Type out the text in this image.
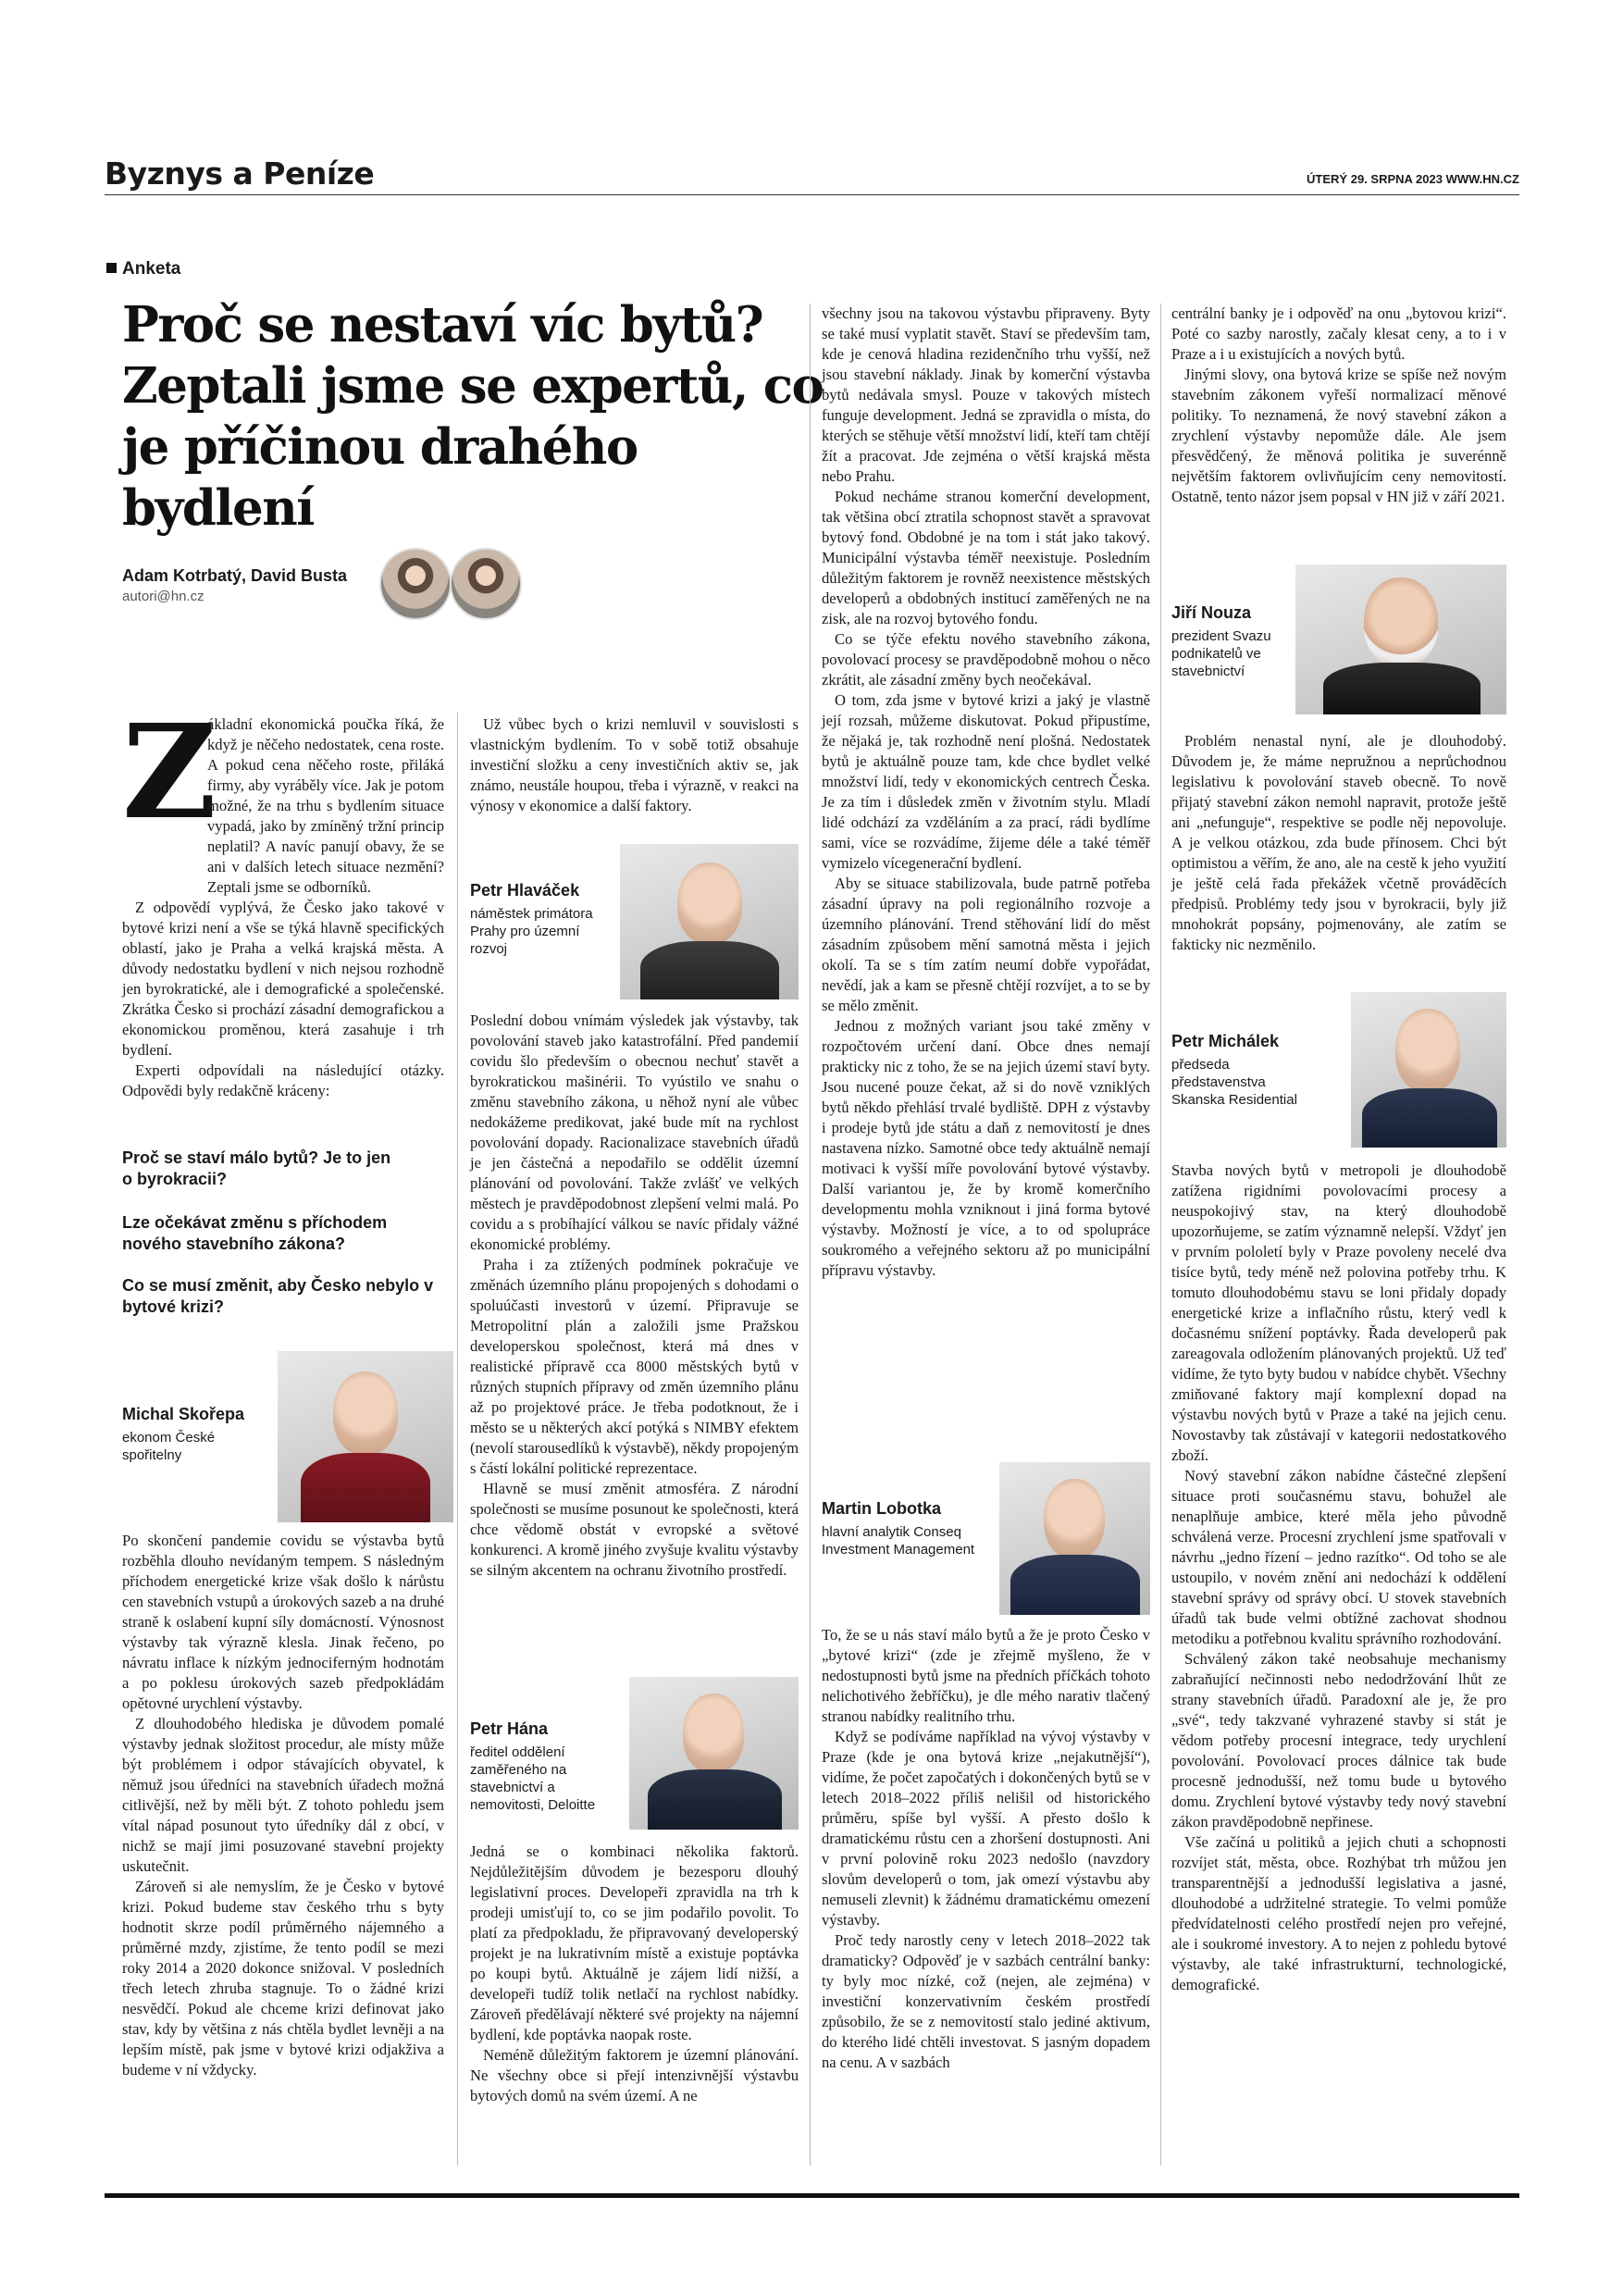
Byznys a Peníze	ÚTERÝ 29. SRPNA 2023 WWW.HN.CZ
Anketa
Proč se nestaví víc bytů? Zeptali jsme se expertů, co je příčinou drahého bydlení
Adam Kotrbatý, David Busta
autori@hn.cz
Z

ákladní ekonomická poučka říká, že když je něčeho nedostatek, cena roste. A pokud cena něčeho roste, přiláká firmy, aby vyráběly více. Jak je potom možné, že na trhu s bydlením situace vypadá, jako by zmíněný tržní princip neplatil? A navíc panují obavy, že se ani v dalších letech situace nezmění? Zeptali jsme se odborníků.

Z odpovědí vyplývá, že Česko jako takové v bytové krizi není a vše se týká hlavně specifických oblastí, jako je Praha a velká krajská města. A důvody nedostatku bydlení v nich nejsou rozhodně jen byrokratické, ale i demografické a společenské. Zkrátka Česko si prochází zásadní demografickou a ekonomickou proměnou, která zasahuje i trh bydlení.

Experti odpovídali na následující otázky. Odpovědi byly redakčně kráceny:

Proč se staví málo bytů? Je to jen o byrokracii?
Lze očekávat změnu s příchodem nového stavebního zákona?
Co se musí změnit, aby Česko nebylo v bytové krizi?
Michal Skořepa
ekonom České spořitelny

Po skončení pandemie covidu se výstavba bytů rozběhla dlouho nevídaným tempem. S následným příchodem energetické krize však došlo k nárůstu cen stavebních vstupů a úrokových sazeb a na druhé straně k oslabení kupní síly domácností. Výnosnost výstavby tak výrazně klesla. Jinak řečeno, po návratu inflace k nízkým jednociferným hodnotám a po poklesu úrokových sazeb předpokládám opětovné urychlení výstavby.

Z dlouhodobého hlediska je důvodem pomalé výstavby jednak složitost procedur, ale místy může být problémem i odpor stávajících obyvatel, k němuž jsou úředníci na stavebních úřadech možná citlivější, než by měli být. Z tohoto pohledu jsem vítal nápad posunout tyto úředníky dál z obcí, v nichž se mají jimi posuzované stavební projekty uskutečnit.

Zároveň si ale nemyslím, že je Česko v bytové krizi. Pokud budeme stav českého trhu s byty hodnotit skrze podíl průměrného nájemného a průměrné mzdy, zjistíme, že tento podíl se mezi roky 2014 a 2020 dokonce snižoval. V posledních třech letech zhruba stagnuje. To o žádné krizi nesvědčí. Pokud ale chceme krizi definovat jako stav, kdy by většina z nás chtěla bydlet levněji a na lepším místě, pak jsme v bytové krizi odjakživa a budeme v ní vždycky.

Už vůbec bych o krizi nemluvil v souvislosti s vlastnickým bydlením. To v sobě totiž obsahuje investiční složku a ceny investičních aktiv se, jak známo, neustále houpou, třeba i výrazně, v reakci na výnosy v ekonomice a další faktory.

Petr Hlaváček
náměstek primátora Prahy pro územní rozvoj

Poslední dobou vnímám výsledek jak výstavby, tak povolování staveb jako katastrofální. Před pandemií covidu šlo především o obecnou nechuť stavět a byrokratickou mašinérii. To vyústilo ve snahu o změnu stavebního zákona, u něhož nyní ale vůbec nedokážeme predikovat, jaké bude mít na rychlost povolování dopady. Racionalizace stavebních úřadů je jen částečná a nepodařilo se oddělit územní plánování od povolování. Takže zvlášť ve velkých městech je pravděpodobnost zlepšení velmi malá. Po covidu a s probíhající válkou se navíc přidaly vážné ekonomické problémy.

Praha i za ztížených podmínek pokračuje ve změnách územního plánu propojených s dohodami o spoluúčasti investorů v území. Připravuje se Metropolitní plán a založili jsme Pražskou developerskou společnost, která má dnes v realistické přípravě cca 8000 městských bytů v různých stupních přípravy od změn územního plánu až po projektové práce. Je třeba podotknout, že i město se u některých akcí potýká s NIMBY efektem (nevolí starousedlíků k výstavbě), někdy propojeným s částí lokální politické reprezentace.

Hlavně se musí změnit atmosféra. Z národní společnosti se musíme posunout ke společnosti, která chce vědomě obstát v evropské a světové konkurenci. A kromě jiného zvyšuje kvalitu výstavby se silným akcentem na ochranu životního prostředí.

Petr Hána
ředitel oddělení zaměřeného na stavebnictví a nemovitosti, Deloitte

Jedná se o kombinaci několika faktorů. Nejdůležitějším důvodem je bezesporu dlouhý legislativní proces. Developeři zpravidla na trh k prodeji umisťují to, co se jim podařilo povolit. To platí za předpokladu, že připravovaný developerský projekt je na lukrativním místě a existuje poptávka po koupi bytů. Aktuálně je zájem lidí nižší, a developeři tudíž tolik netlačí na rychlost nabídky. Zároveň předělávají některé své projekty na nájemní bydlení, kde poptávka naopak roste.

Neméně důležitým faktorem je územní plánování. Ne všechny obce si přejí intenzivnější výstavbu bytových domů na svém území. A ne

všechny jsou na takovou výstavbu připraveny. Byty se také musí vyplatit stavět. Staví se především tam, kde je cenová hladina rezidenčního trhu vyšší, než jsou stavební náklady. Jinak by komerční výstavba bytů nedávala smysl. Pouze v takových místech funguje development. Jedná se zpravidla o místa, do kterých se stěhuje větší množství lidí, kteří tam chtějí žít a pracovat. Jde zejména o větší krajská města nebo Prahu.

Pokud necháme stranou komerční development, tak většina obcí ztratila schopnost stavět a spravovat bytový fond. Obdobné je na tom i stát jako takový. Municipální výstavba téměř neexistuje. Posledním důležitým faktorem je rovněž neexistence městských developerů a obdobných institucí zaměřených ne na zisk, ale na rozvoj bytového fondu.

Co se týče efektu nového stavebního zákona, povolovací procesy se pravděpodobně mohou o něco zkrátit, ale zásadní změny bych neočekával.

O tom, zda jsme v bytové krizi a jaký je vlastně její rozsah, můžeme diskutovat. Pokud připustíme, že nějaká je, tak rozhodně není plošná. Nedostatek bytů je aktuálně pouze tam, kde chce bydlet velké množství lidí, tedy v ekonomických centrech Česka. Je za tím i důsledek změn v životním stylu. Mladí lidé odchází za vzděláním a za prací, rádi bydlíme sami, více se rozvádíme, žijeme déle a také téměř vymizelo vícegenerační bydlení.

Aby se situace stabilizovala, bude patrně potřeba zásadní úpravy na poli regionálního rozvoje a územního plánování. Trend stěhování lidí do měst zásadním způsobem mění samotná města i jejich okolí. Ta se s tím zatím neumí dobře vypořádat, nevědí, jak a kam se přesně chtějí rozvíjet, a to se by se mělo změnit.

Jednou z možných variant jsou také změny v rozpočtovém určení daní. Obce dnes nemají prakticky nic z toho, že se na jejich území staví byty. Jsou nucené pouze čekat, až si do nově vzniklých bytů někdo přehlásí trvalé bydliště. DPH z výstavby i prodeje bytů jde státu a daň z nemovitostí je dnes nastavena nízko. Samotné obce tedy aktuálně nemají motivaci k vyšší míře povolování bytové výstavby. Další variantou je, že by kromě komerčního developmentu mohla vzniknout i jiná forma bytové výstavby. Možností je více, a to od spolupráce soukromého a veřejného sektoru až po municipální přípravu výstavby.

Martin Lobotka
hlavní analytik Conseq Investment Management

To, že se u nás staví málo bytů a že je proto Česko v „bytové krizi“ (zde je zřejmě myšleno, že v nedostupnosti bytů jsme na předních příčkách tohoto nelichotivého žebříčku), je dle mého narativ tlačený stranou nabídky realitního trhu.

Když se podíváme například na vývoj výstavby v Praze (kde je ona bytová krize „nejakutnější“), vidíme, že počet započatých i dokončených bytů se v letech 2018–2022 příliš nelišil od historického průměru, spíše byl vyšší. A přesto došlo k dramatickému růstu cen a zhoršení dostupnosti. Ani v první polovině roku 2023 nedošlo (navzdory slovům developerů o tom, jak omezí výstavbu aby nemuseli zlevnit) k žádnému dramatickému omezení výstavby.

Proč tedy narostly ceny v letech 2018–2022 tak dramaticky? Odpověď je v sazbách centrální banky: ty byly moc nízké, což (nejen, ale zejména) v investiční konzervativním českém prostředí způsobilo, že se z nemovitostí stalo jediné aktivum, do kterého lidé chtěli investovat. S jasným dopadem na cenu. A v sazbách

centrální banky je i odpověď na onu „bytovou krizi“. Poté co sazby narostly, začaly klesat ceny, a to i v Praze a i u existujících a nových bytů.

Jinými slovy, ona bytová krize se spíše než novým stavebním zákonem vyřeší normalizací měnové politiky. To neznamená, že nový stavební zákon a zrychlení výstavby nepomůže dále. Ale jsem přesvědčený, že měnová politika je suverénně největším faktorem ovlivňujícím ceny nemovitostí. Ostatně, tento názor jsem popsal v HN již v září 2021.

Jiří Nouza
prezident Svazu podnikatelů ve stavebnictví

Problém nenastal nyní, ale je dlouhodobý. Důvodem je, že máme nepružnou a neprůchodnou legislativu k povolování staveb obecně. To nově přijatý stavební zákon nemohl napravit, protože ještě ani „nefunguje“, respektive se podle něj nepovoluje. A je velkou otázkou, zda bude přínosem. Chci být optimistou a věřím, že ano, ale na cestě k jeho využití je ještě celá řada překážek včetně prováděcích předpisů. Problémy tedy jsou v byrokracii, byly již mnohokrát popsány, pojmenovány, ale zatím se fakticky nic nezměnilo.

Petr Michálek
předseda představenstva Skanska Residential

Stavba nových bytů v metropoli je dlouhodobě zatížena rigidními povolovacími procesy a neuspokojivý stav, na který dlouhodobě upozorňujeme, se zatím významně nelepší. Vždyť jen v prvním pololetí byly v Praze povoleny necelé dva tisíce bytů, tedy méně než polovina potřeby trhu. K tomuto dlouhodobému stavu se loni přidaly dopady energetické krize a inflačního růstu, který vedl k dočasnému snížení poptávky. Řada developerů pak zareagovala odložením plánovaných projektů. Už teď vidíme, že tyto byty budou v nabídce chybět. Všechny zmiňované faktory mají komplexní dopad na výstavbu nových bytů v Praze a také na jejich cenu. Novostavby tak zůstávají v kategorii nedostatkového zboží.

Nový stavební zákon nabídne částečné zlepšení situace proti současnému stavu, bohužel ale nenaplňuje ambice, které měla jeho původně schválená verze. Procesní zrychlení jsme spatřovali v návrhu „jedno řízení – jedno razítko“. Od toho se ale ustoupilo, v novém znění ani nedochází k oddělení stavební správy od správy obcí. U stovek stavebních úřadů tak bude velmi obtížné zachovat shodnou metodiku a potřebnou kvalitu správního rozhodování.

Schválený zákon také neobsahuje mechanismy zabraňující nečinnosti nebo nedodržování lhůt ze strany stavebních úřadů. Paradoxní ale je, že pro „své“, tedy takzvané vyhrazené stavby si stát je vědom potřeby procesní integrace, tedy urychlení povolování. Povolovací proces dálnice tak bude procesně jednodušší, než tomu bude u bytového domu. Zrychlení bytové výstavby tedy nový stavební zákon pravděpodobně nepřinese.

Vše začíná u politiků a jejich chuti a schopnosti rozvíjet stát, města, obce. Rozhýbat trh můžou jen transparentnější a jednodušší legislativa a jasné, dlouhodobé a udržitelné strategie. To velmi pomůže předvídatelnosti celého prostředí nejen pro veřejné, ale i soukromé investory. A to nejen z pohledu bytové výstavby, ale také infrastrukturní, technologické, demografické.
